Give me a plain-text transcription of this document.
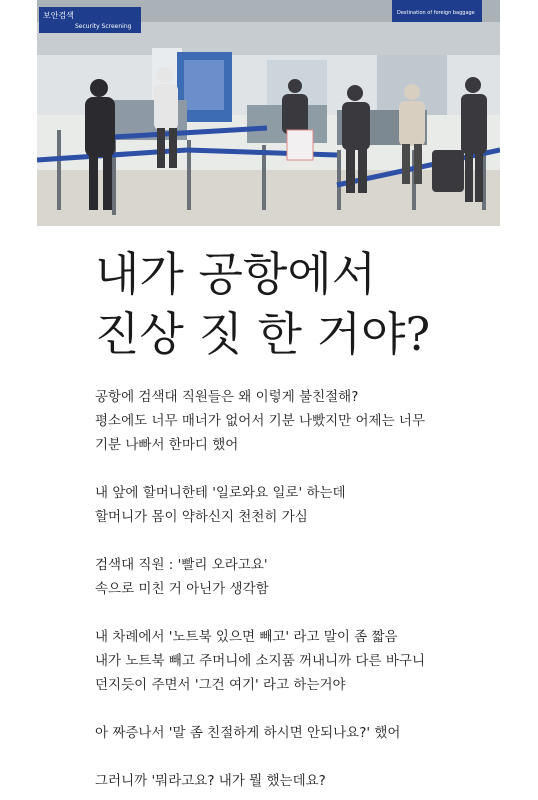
보안검색
Security Screening
Destination of foreign baggage
내가 공항에서
진상 짓 한 거야?
공항에 검색대 직원들은 왜 이렇게 불친절해?
평소에도 너무 매너가 없어서 기분 나빴지만 어제는 너무
기분 나빠서 한마디 했어
내 앞에 할머니한테 '일로와요 일로' 하는데
할머니가 몸이 약하신지 천천히 가심
검색대 직원 : '빨리 오라고요'
속으로 미친 거 아닌가 생각함
내 차례에서 '노트북 있으면 빼고' 라고 말이 좀 짧음
내가 노트북 빼고 주머니에 소지품 꺼내니까 다른 바구니
던지듯이 주면서 '그건 여기' 라고 하는거야
아 짜증나서 '말 좀 친절하게 하시면 안되나요?' 했어
그러니까 '뭐라고요? 내가 뭘 했는데요?
